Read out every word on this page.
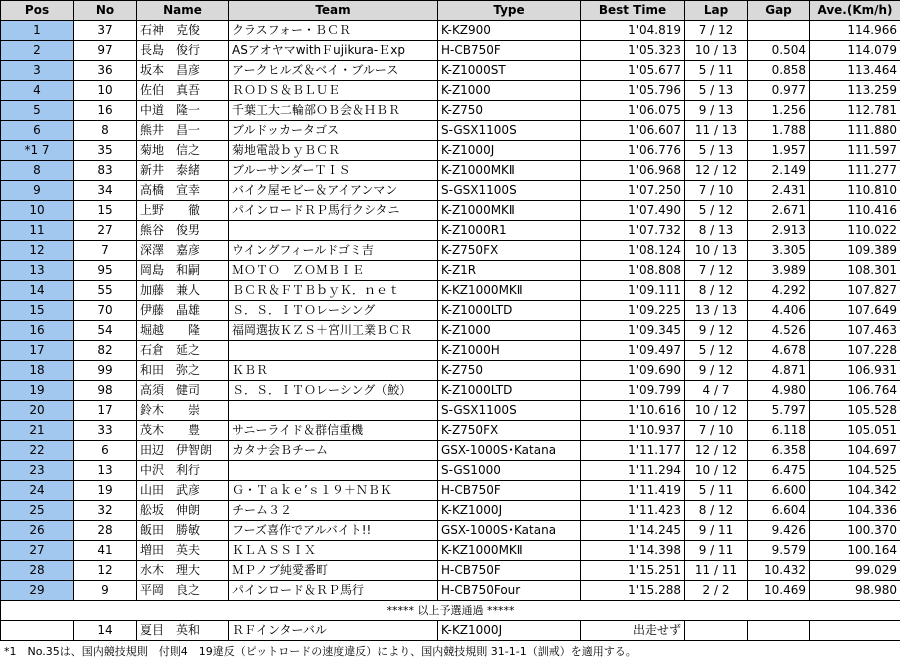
Pos	No	Name	Team	Type	Best Time	Lap	Gap	Ave.(Km/h)
1	37	石神　克俊	クラスフォー・ＢＣＲ	K-KZ900	1'04.819	7 / 12		114.966
2	97	長島　俊行	ASアオヤマwithＦujikura-Ｅxp	H-CB750F	1'05.323	10 / 13	0.504	114.079
3	36	坂本　昌彦	アークヒルズ＆ベイ・ブルース	K-Z1000ST	1'05.677	5 / 11	0.858	113.464
4	10	佐伯　真吾	ＲＯＤＳ＆ＢＬＵＥ	K-Z1000	1'05.796	5 / 13	0.977	113.259
5	16	中道　隆一	千葉工大二輪部ＯＢ会＆ＨＢＲ	K-Z750	1'06.075	9 / 13	1.256	112.781
6	8	熊井　昌一	ブルドッカータゴス	S-GSX1100S	1'06.607	11 / 13	1.788	111.880
*1 7	35	菊地　信之	菊地電設ｂｙＢＣＲ	K-Z1000J	1'06.776	5 / 13	1.957	111.597
8	83	新井　泰緒	ブルーサンダーＴＩＳ	K-Z1000MKⅡ	1'06.968	12 / 12	2.149	111.277
9	34	高橋　宣幸	バイク屋モビー＆アイアンマン	S-GSX1100S	1'07.250	7 / 10	2.431	110.810
10	15	上野　　徹	パインロードＲＰ馬行クシタニ	K-Z1000MKⅡ	1'07.490	5 / 12	2.671	110.416
11	27	熊谷　俊男		K-Z1000R1	1'07.732	8 / 13	2.913	110.022
12	7	深澤　嘉彦	ウイングフィールドゴミ吉	K-Z750FX	1'08.124	10 / 13	3.305	109.389
13	95	岡島　和嗣	ＭＯＴＯ　ＺＯＭＢＩＥ	K-Z1R	1'08.808	7 / 12	3.989	108.301
14	55	加藤　兼人	ＢＣＲ＆ＦＴＢｂｙＫ．ｎｅｔ	K-KZ1000MKⅡ	1'09.111	8 / 12	4.292	107.827
15	70	伊藤　晶雄	Ｓ．Ｓ．ＩＴＯレーシング	K-Z1000LTD	1'09.225	13 / 13	4.406	107.649
16	54	堀越　　隆	福岡選抜ＫＺＳ＋宮川工業ＢＣＲ	K-Z1000	1'09.345	9 / 12	4.526	107.463
17	82	石倉　延之		K-Z1000H	1'09.497	5 / 12	4.678	107.228
18	99	和田　弥之	ＫＢＲ	K-Z750	1'09.690	9 / 12	4.871	106.931
19	98	高須　健司	Ｓ．Ｓ．ＩＴＯレーシング（鮫）	K-Z1000LTD	1'09.799	4 / 7	4.980	106.764
20	17	鈴木　　崇		S-GSX1100S	1'10.616	10 / 12	5.797	105.528
21	33	茂木　　豊	サニーライド＆群信重機	K-Z750FX	1'10.937	7 / 10	6.118	105.051
22	6	田辺　伊智朗	カタナ会Ｂチーム	GSX-1000S･Katana	1'11.177	12 / 12	6.358	104.697
23	13	中沢　利行		S-GS1000	1'11.294	10 / 12	6.475	104.525
24	19	山田　武彦	Ｇ・Ｔａｋｅ’ｓ１９＋ＮＢＫ	H-CB750F	1'11.419	5 / 11	6.600	104.342
25	32	舩坂　伸朗	チーム３２	K-KZ1000J	1'11.423	8 / 12	6.604	104.336
26	28	飯田　勝敏	フーズ喜作でアルバイト!!	GSX-1000S･Katana	1'14.245	9 / 11	9.426	100.370
27	41	増田　英夫	ＫＬＡＳＳＩＸ	K-KZ1000MKⅡ	1'14.398	9 / 11	9.579	100.164
28	12	水木　理大	ＭＰノブ純愛番町	H-CB750F	1'15.251	11 / 11	10.432	99.029
29	9	平岡　良之	パインロード＆ＲＰ馬行	H-CB750Four	1'15.288	2 / 2	10.469	98.980
***** 以上予選通過 *****								
	14	夏目　英和	ＲＦインターバル	K-KZ1000J	出走せず			
*1　No.35は、国内競技規則　付則4　19違反（ピットロードの速度違反）により、国内競技規則 31-1-1（訓戒）を適用する。
